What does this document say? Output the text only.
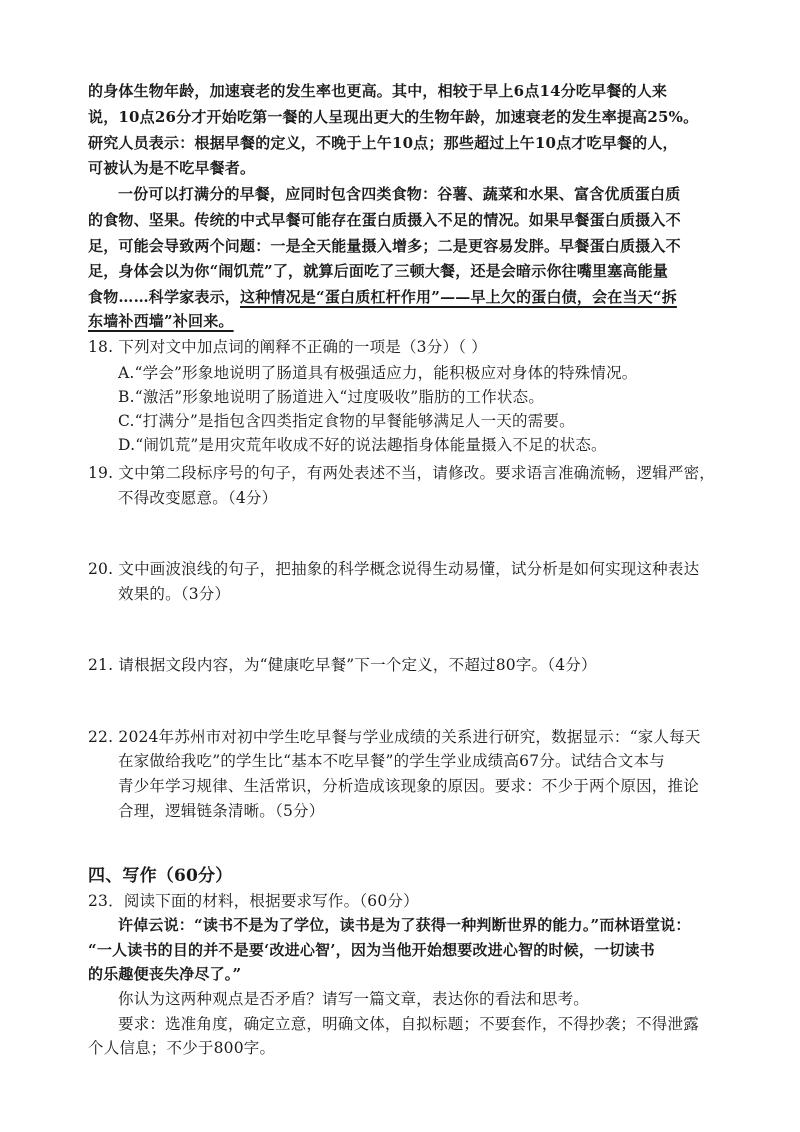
的身体生物年龄，加速衰老的发生率也更高。其中，相较于早上6点14分吃早餐的人来
说，10点26分才开始吃第一餐的人呈现出更大的生物年龄，加速衰老的发生率提高25%。
研究人员表示：根据早餐的定义，不晚于上午10点；那些超过上午10点才吃早餐的人，
可被认为是不吃早餐者。
一份可以打满分的早餐，应同时包含四类食物：谷薯、蔬菜和水果、富含优质蛋白质
的食物、坚果。传统的中式早餐可能存在蛋白质摄入不足的情况。如果早餐蛋白质摄入不
足，可能会导致两个问题：一是全天能量摄入增多；二是更容易发胖。早餐蛋白质摄入不
足，身体会以为你“闹饥荒”了，就算后面吃了三顿大餐，还是会暗示你往嘴里塞高能量
食物……科学家表示，这种情况是“蛋白质杠杆作用”——早上欠的蛋白债，会在当天“拆
东墙补西墙”补回来。
18. 下列对文中加点词的阐释不正确的一项是（3分）（ ）
A.“学会”形象地说明了肠道具有极强适应力，能积极应对身体的特殊情况。
B.“激活”形象地说明了肠道进入“过度吸收”脂肪的工作状态。
C.“打满分”是指包含四类指定食物的早餐能够满足人一天的需要。
D.“闹饥荒”是用灾荒年收成不好的说法趣指身体能量摄入不足的状态。
19. 文中第二段标序号的句子，有两处表述不当，请修改。要求语言准确流畅，逻辑严密，
不得改变愿意。（4分）
20. 文中画波浪线的句子，把抽象的科学概念说得生动易懂，试分析是如何实现这种表达
效果的。（3分）
21. 请根据文段内容，为“健康吃早餐”下一个定义，不超过80字。（4分）
22. 2024年苏州市对初中学生吃早餐与学业成绩的关系进行研究，数据显示：“家人每天
在家做给我吃”的学生比“基本不吃早餐”的学生学业成绩高67分。试结合文本与
青少年学习规律、生活常识，分析造成该现象的原因。要求：不少于两个原因，推论
合理，逻辑链条清晰。（5分）
四、写作（60分）
23．阅读下面的材料，根据要求写作。（60分）
许倬云说：“读书不是为了学位，读书是为了获得一种判断世界的能力。”而林语堂说：
“一人读书的目的并不是要‘改进心智’，因为当他开始想要改进心智的时候，一切读书
的乐趣便丧失净尽了。”
你认为这两种观点是否矛盾？请写一篇文章，表达你的看法和思考。
要求：选准角度，确定立意，明确文体，自拟标题；不要套作，不得抄袭；不得泄露
个人信息；不少于800字。
